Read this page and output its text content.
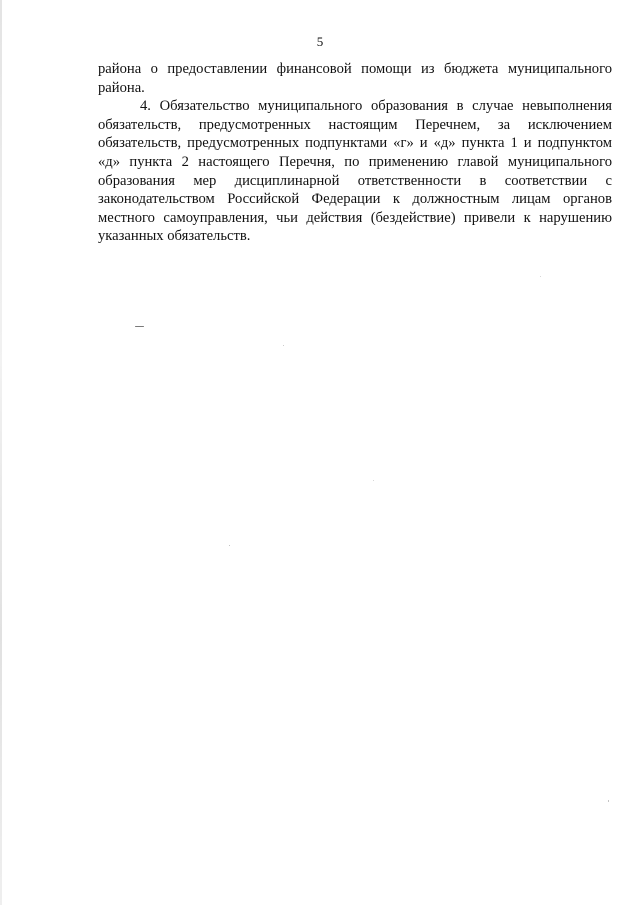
5

района о предоставлении финансовой помощи из бюджета муниципального района.

4. Обязательство муниципального образования в случае невыполнения обязательств, предусмотренных настоящим Перечнем, за исключением обязательств, предусмотренных подпунктами «г» и «д» пункта 1 и подпунктом «д» пункта 2 настоящего Перечня, по применению главой муниципального образования мер дисциплинарной ответственности в соответствии с законодательством Российской Федерации к должностным лицам органов местного самоуправления, чьи действия (бездействие) привели к нарушению указанных обязательств.
